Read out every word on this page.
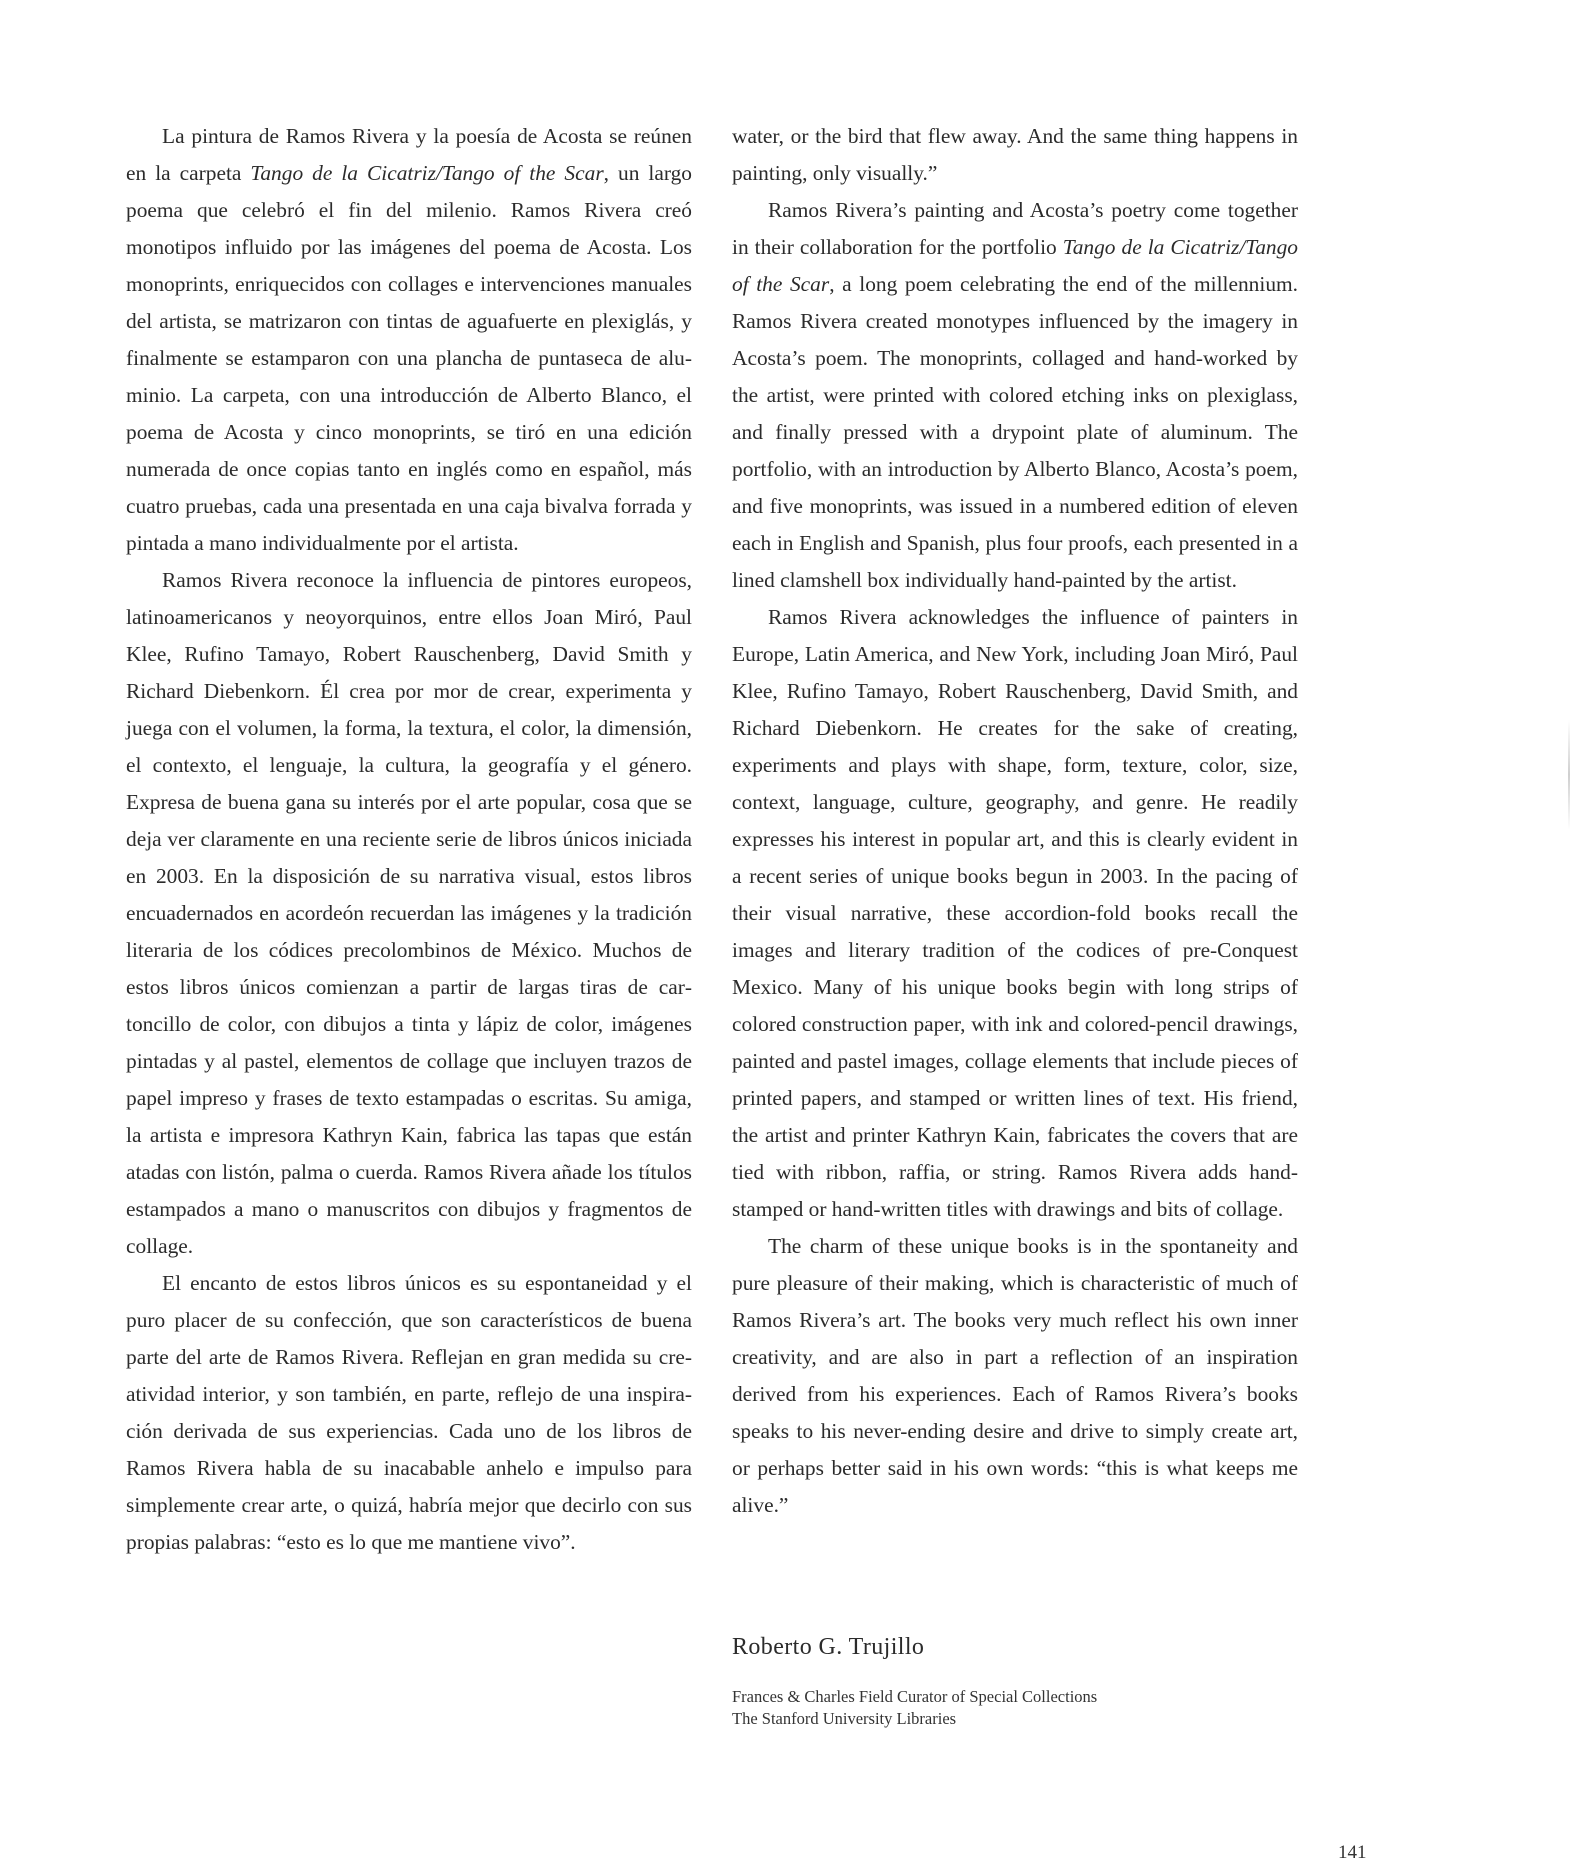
La pintura de Ramos Rivera y la poesía de Acosta se reúnen en la carpeta Tango de la Cicatriz/Tango of the Scar, un largo poema que celebró el fin del milenio. Ramos Rivera creó monotipos influido por las imágenes del poema de Acosta. Los monoprints, enriquecidos con collages e intervenciones manuales del artista, se matrizaron con tintas de aguafuerte en plexiglás, y finalmente se estamparon con una plancha de puntaseca de aluminio. La carpeta, con una introducción de Alberto Blanco, el poema de Acosta y cinco monoprints, se tiró en una edición numerada de once copias tanto en inglés como en español, más cuatro pruebas, cada una presentada en una caja bivalva forrada y pintada a mano individualmente por el artista.

Ramos Rivera reconoce la influencia de pintores europeos, latinoamericanos y neoyorquinos, entre ellos Joan Miró, Paul Klee, Rufino Tamayo, Robert Rauschenberg, David Smith y Richard Diebenkorn. Él crea por mor de crear, experimenta y juega con el volumen, la forma, la textura, el color, la dimensión, el contexto, el lenguaje, la cultura, la geografía y el género. Expresa de buena gana su interés por el arte popular, cosa que se deja ver claramente en una reciente serie de libros únicos iniciada en 2003. En la disposición de su narrativa visual, estos libros encuadernados en acordeón recuerdan las imágenes y la tradición literaria de los códices precolombinos de México. Muchos de estos libros únicos comienzan a partir de largas tiras de cartoncillo de color, con dibujos a tinta y lápiz de color, imágenes pintadas y al pastel, elementos de collage que incluyen trazos de papel impreso y frases de texto estampadas o escritas. Su amiga, la artista e impresora Kathryn Kain, fabrica las tapas que están atadas con listón, palma o cuerda. Ramos Rivera añade los títulos estampados a mano o manuscritos con dibujos y fragmentos de collage.

El encanto de estos libros únicos es su espontaneidad y el puro placer de su confección, que son característicos de buena parte del arte de Ramos Rivera. Reflejan en gran medida su creatividad interior, y son también, en parte, reflejo de una inspiración derivada de sus experiencias. Cada uno de los libros de Ramos Rivera habla de su inacabable anhelo e impulso para simplemente crear arte, o quizá, habría mejor que decirlo con sus propias palabras: “esto es lo que me mantiene vivo”.

water, or the bird that flew away. And the same thing happens in painting, only visually.”

Ramos Rivera’s painting and Acosta’s poetry come together in their collaboration for the portfolio Tango de la Cicatriz/Tango of the Scar, a long poem celebrating the end of the millennium. Ramos Rivera created monotypes influenced by the imagery in Acosta’s poem. The monoprints, collaged and hand-worked by the artist, were printed with colored etching inks on plexiglass, and finally pressed with a drypoint plate of aluminum. The portfolio, with an introduction by Alberto Blanco, Acosta’s poem, and five monoprints, was issued in a numbered edition of eleven each in English and Spanish, plus four proofs, each presented in a lined clamshell box individually hand-painted by the artist.

Ramos Rivera acknowledges the influence of painters in Europe, Latin America, and New York, including Joan Miró, Paul Klee, Rufino Tamayo, Robert Rauschenberg, David Smith, and Richard Diebenkorn. He creates for the sake of creating, experiments and plays with shape, form, texture, color, size, context, language, culture, geography, and genre. He readily expresses his interest in popular art, and this is clearly evident in a recent series of unique books begun in 2003. In the pacing of their visual narrative, these accordion-fold books recall the images and literary tradition of the codices of pre-Conquest Mexico. Many of his unique books begin with long strips of colored construction paper, with ink and colored-pencil drawings, painted and pastel images, collage elements that include pieces of printed papers, and stamped or written lines of text. His friend, the artist and printer Kathryn Kain, fabricates the covers that are tied with ribbon, raffia, or string. Ramos Rivera adds hand-stamped or hand-written titles with drawings and bits of collage.

The charm of these unique books is in the spontaneity and pure pleasure of their making, which is characteristic of much of Ramos Rivera’s art. The books very much reflect his own inner creativity, and are also in part a reflection of an inspiration derived from his experiences. Each of Ramos Rivera’s books speaks to his never-ending desire and drive to simply create art, or perhaps better said in his own words: “this is what keeps me alive.”

Roberto G. Trujillo
Frances & Charles Field Curator of Special Collections
The Stanford University Libraries
141
